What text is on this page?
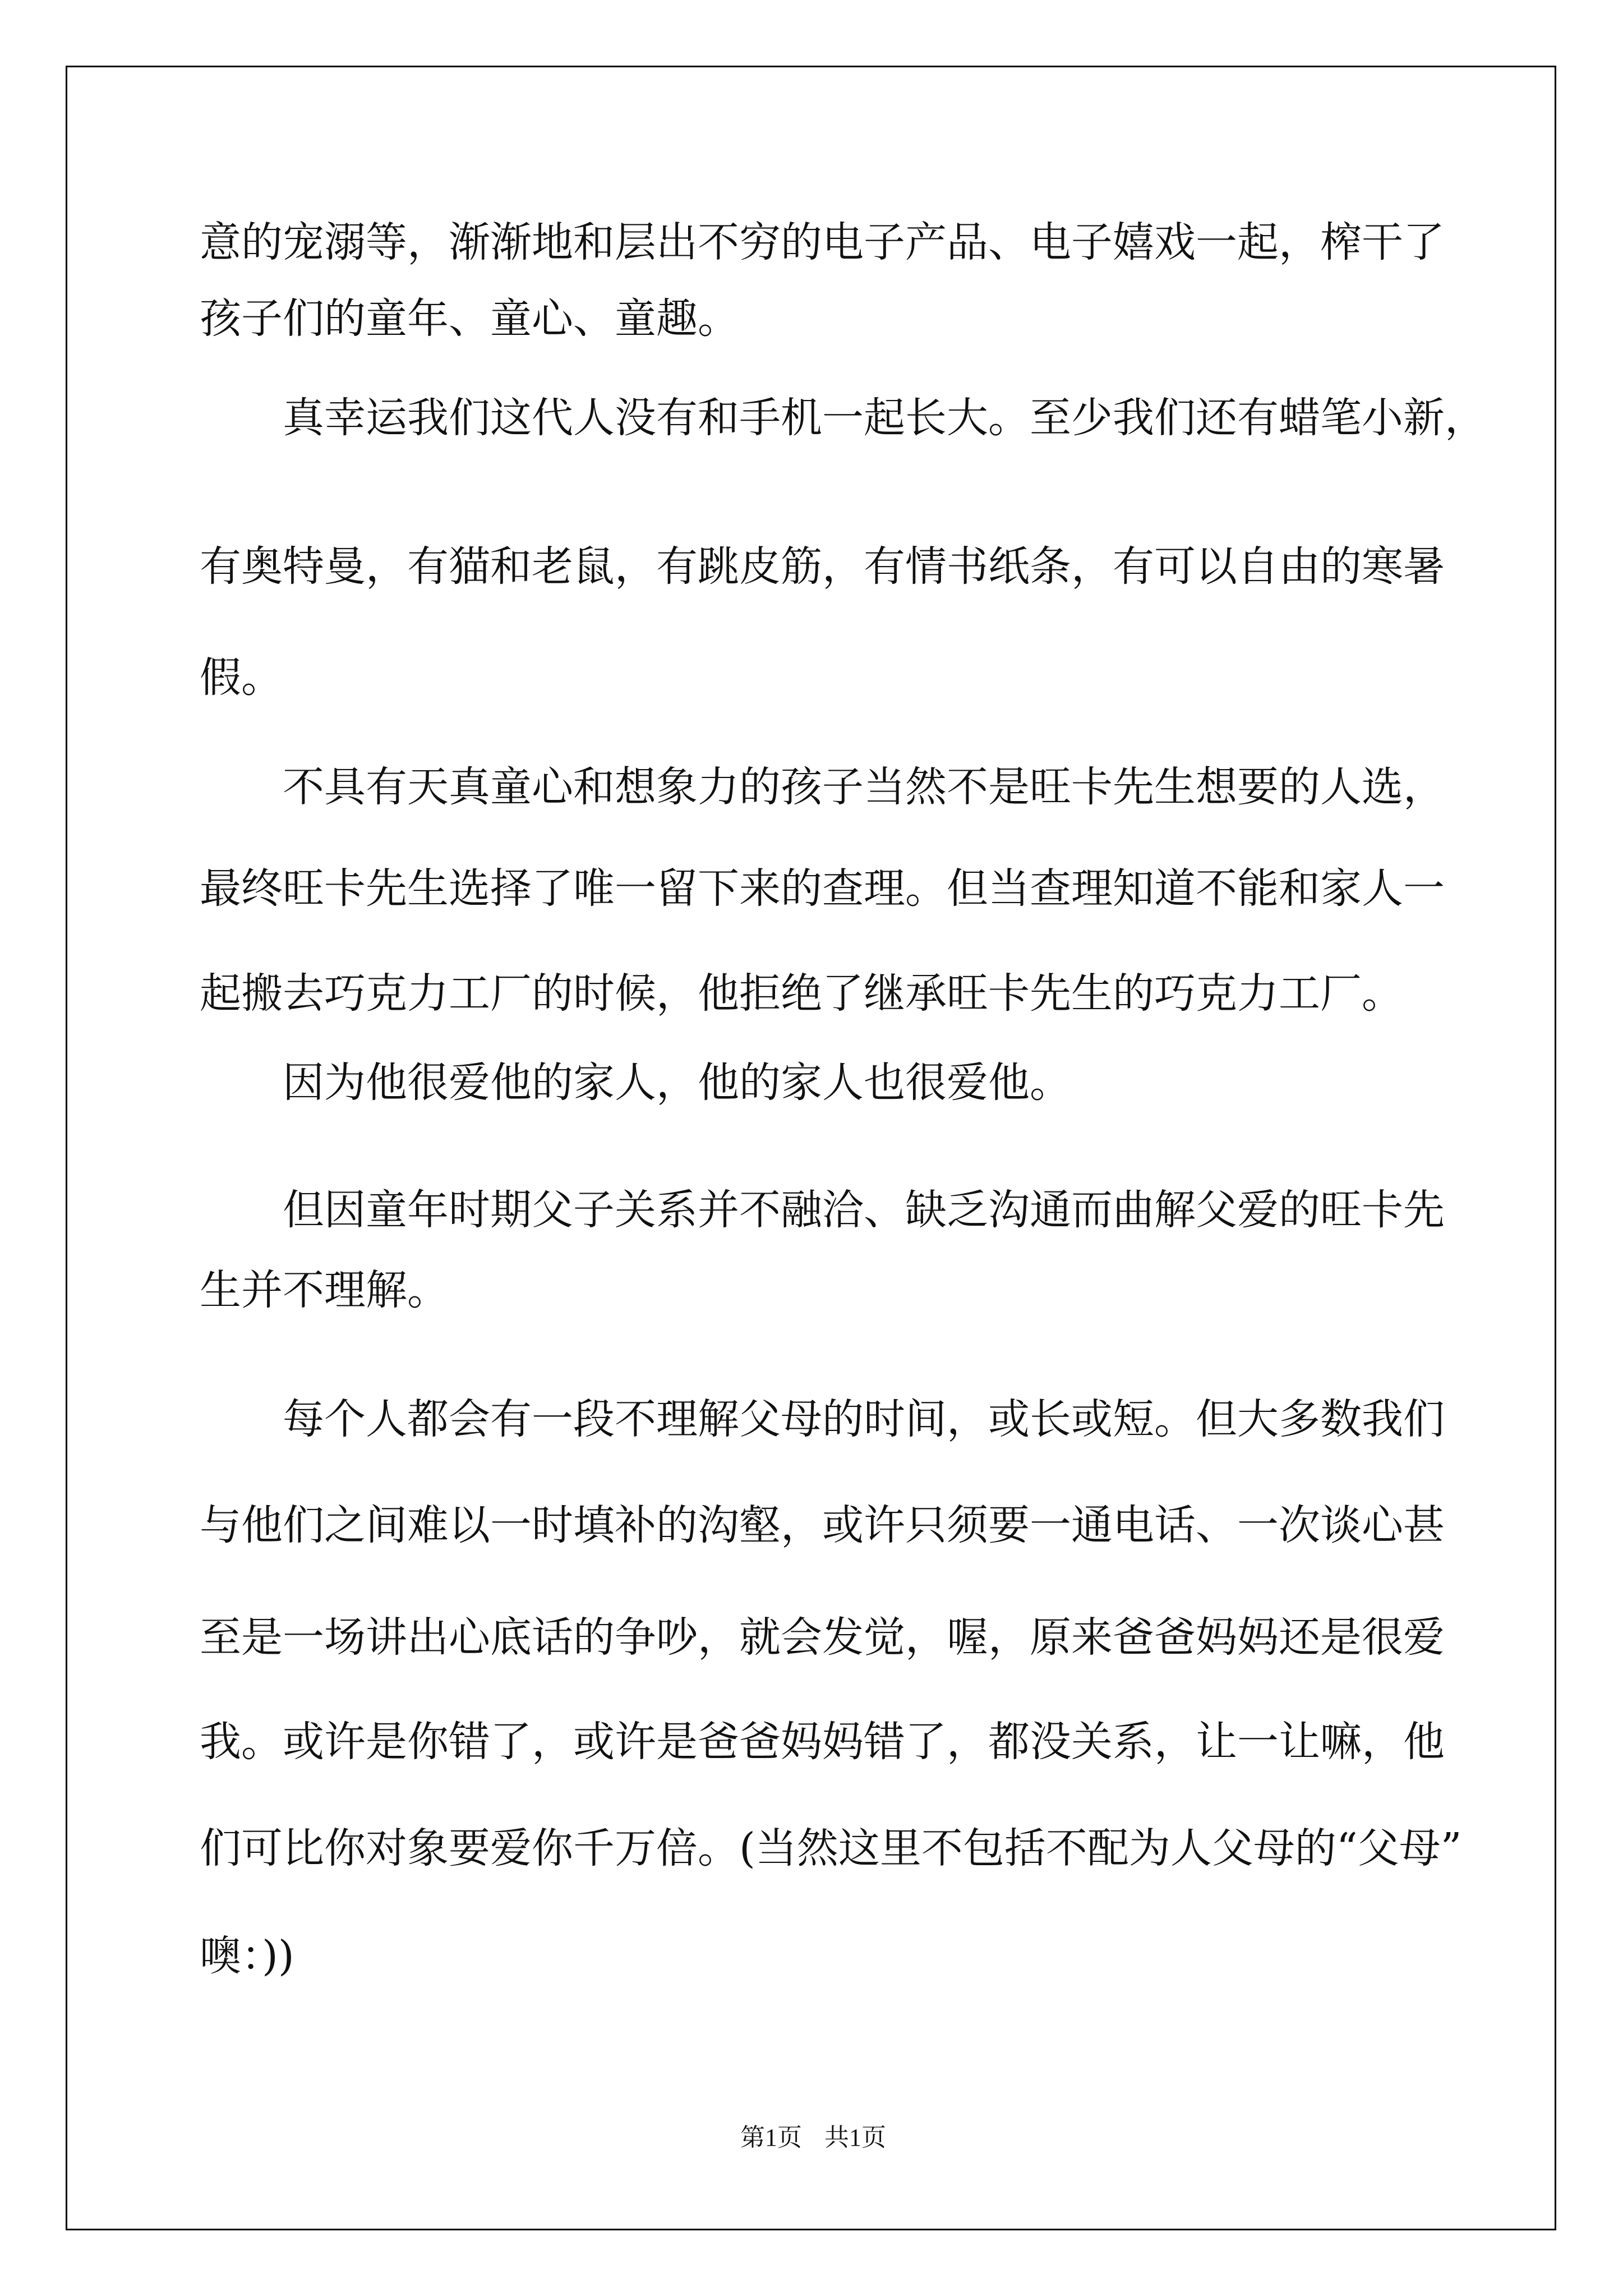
意的宠溺等，渐渐地和层出不穷的电子产品、电子嬉戏一起，榨干了

孩子们的童年、童心、童趣。

真幸运我们这代人没有和手机一起长大。至少我们还有蜡笔小新，

有奥特曼，有猫和老鼠，有跳皮筋，有情书纸条，有可以自由的寒暑

假。

不具有天真童心和想象力的孩子当然不是旺卡先生想要的人选，

最终旺卡先生选择了唯一留下来的查理。但当查理知道不能和家人一

起搬去巧克力工厂的时候，他拒绝了继承旺卡先生的巧克力工厂。

因为他很爱他的家人，他的家人也很爱他。

但因童年时期父子关系并不融洽、缺乏沟通而曲解父爱的旺卡先

生并不理解。

每个人都会有一段不理解父母的时间，或长或短。但大多数我们

与他们之间难以一时填补的沟壑，或许只须要一通电话、一次谈心甚

至是一场讲出心底话的争吵，就会发觉，喔，原来爸爸妈妈还是很爱

我。或许是你错了，或许是爸爸妈妈错了，都没关系，让一让嘛，他

们可比你对象要爱你千万倍。(当然这里不包括不配为人父母的“父母”

噢：))

第1页 共1页
